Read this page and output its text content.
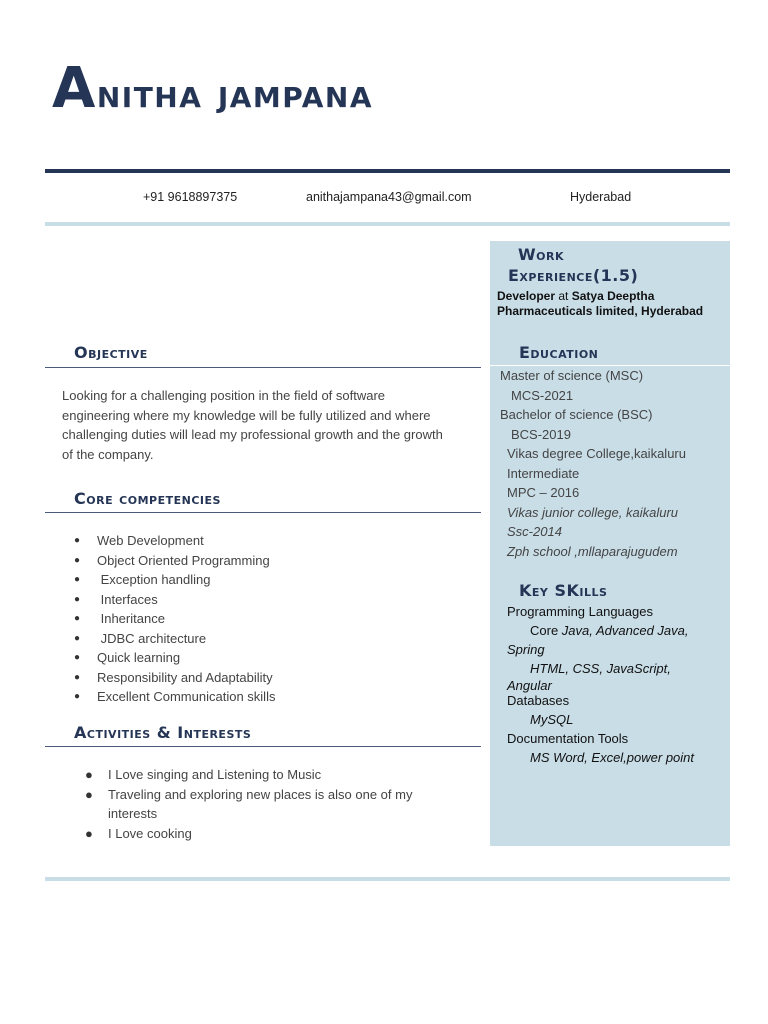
Anitha jampana
+91 9618897375	anithajampana43@gmail.com	Hyderabad
Objective
Looking for a challenging position in the field of software
engineering where my knowledge will be fully utilized and where
challenging duties will lead my professional growth and the growth
of the company.
Core competencies
● Web Development
● Object Oriented Programming
● Exception handling
● Interfaces
● Inheritance
● JDBC architecture
● Quick learning
● Responsibility and Adaptability
● Excellent Communication skills
Activities & Interests
● I Love singing and Listening to Music
● Traveling and exploring new places is also one of my
interests
● I Love cooking
Work
Experience(1.5)
Developer at Satya Deeptha
Pharmaceuticals limited, Hyderabad
Education
Master of science (MSC)
MCS-2021
Bachelor of science (BSC)
BCS-2019
Vikas degree College,kaikaluru
Intermediate
MPC – 2016
Vikas junior college, kaikaluru
Ssc-2014
Zph school ,mllaparajugudem
Key SKills
Programming Languages
Core Java, Advanced Java,
Spring
HTML, CSS, JavaScript,
Angular
Databases
MySQL
Documentation Tools
MS Word, Excel,power point
